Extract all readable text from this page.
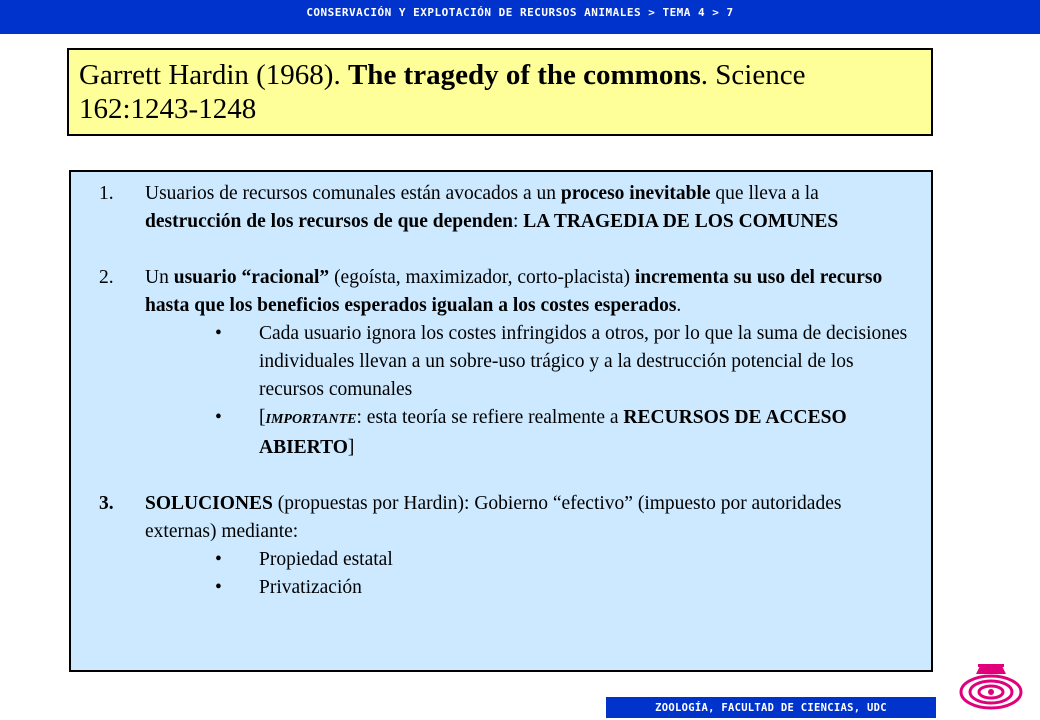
CONSERVACIÓN Y EXPLOTACIÓN DE RECURSOS ANIMALES > TEMA 4 > 7
Garrett Hardin (1968). The tragedy of the commons. Science 162:1243-1248
1. Usuarios de recursos comunales están avocados a un proceso inevitable que lleva a la destrucción de los recursos de que dependen: LA TRAGEDIA DE LOS COMUNES
2. Un usuario “racional” (egoísta, maximizador, corto-placista) incrementa su uso del recurso hasta que los beneficios esperados igualan a los costes esperados.
• Cada usuario ignora los costes infringidos a otros, por lo que la suma de decisiones individuales llevan a un sobre-uso trágico y a la destrucción potencial de los recursos comunales
• [IMPORTANTE: esta teoría se refiere realmente a RECURSOS DE ACCESO ABIERTO]
3. SOLUCIONES (propuestas por Hardin): Gobierno “efectivo” (impuesto por autoridades externas) mediante:
• Propiedad estatal
• Privatización
ZOOLOGÍA, FACULTAD DE CIENCIAS, UDC
